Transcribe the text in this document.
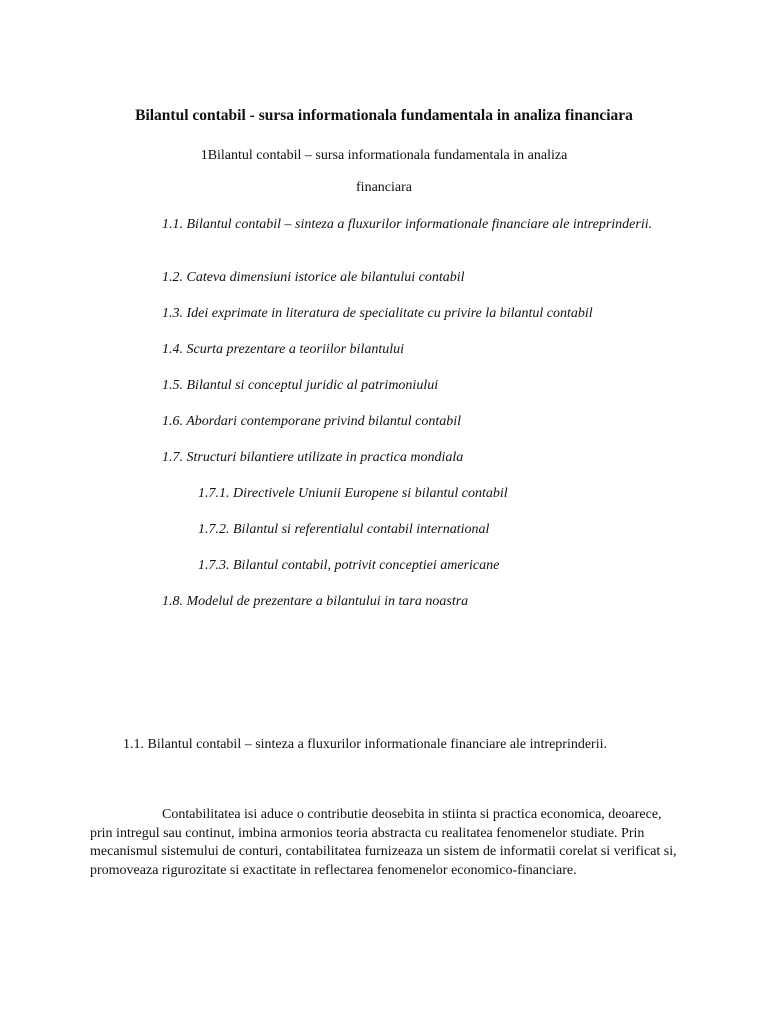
Bilantul contabil - sursa informationala fundamentala in analiza financiara
1Bilantul contabil – sursa informationala fundamentala in analiza
financiara
1.1. Bilantul contabil – sinteza a fluxurilor informationale financiare ale intreprinderii.
1.2. Cateva dimensiuni istorice ale bilantului contabil
1.3. Idei exprimate in literatura de specialitate cu privire la bilantul contabil
1.4. Scurta prezentare a teoriilor bilantului
1.5. Bilantul si conceptul juridic al patrimoniului
1.6. Abordari contemporane privind bilantul contabil
1.7. Structuri bilantiere utilizate in practica mondiala
1.7.1. Directivele Uniunii Europene si bilantul contabil
1.7.2. Bilantul si referentialul contabil international
1.7.3. Bilantul contabil, potrivit conceptiei americane
1.8. Modelul de prezentare a bilantului in tara noastra
1.1. Bilantul contabil – sinteza a fluxurilor informationale financiare ale intreprinderii.
Contabilitatea isi aduce o contributie deosebita in stiinta si practica economica, deoarece, prin intregul sau continut, imbina armonios teoria abstracta cu realitatea fenomenelor studiate. Prin mecanismul sistemului de conturi, contabilitatea furnizeaza un sistem de informatii corelat si verificat si, promoveaza rigurozitate si exactitate in reflectarea fenomenelor economico-financiare.
